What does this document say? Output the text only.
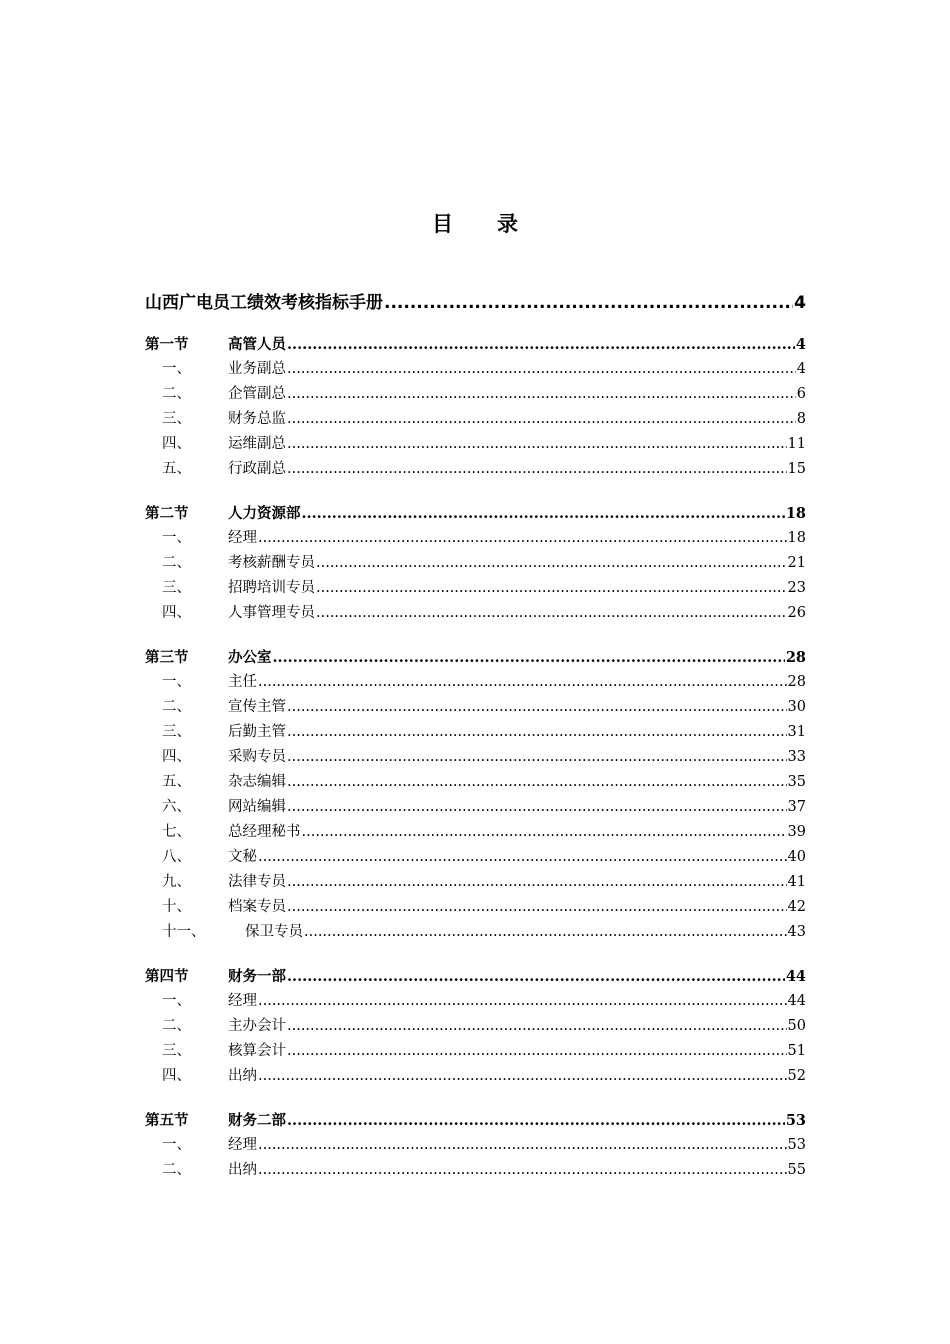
目 录
山西广电员工绩效考核指标手册 .....	4
第一节	高管人员 .....	4
一、	业务副总 .....	4
二、	企管副总 .....	6
三、	财务总监 .....	8
四、	运维副总 .....	11
五、	行政副总 .....	15
第二节	人力资源部 .....	18
一、	经理 .....	18
二、	考核薪酬专员 .....	21
三、	招聘培训专员 .....	23
四、	人事管理专员 .....	26
第三节	办公室 .....	28
一、	主任 .....	28
二、	宣传主管 .....	30
三、	后勤主管 .....	31
四、	采购专员 .....	33
五、	杂志编辑 .....	35
六、	网站编辑 .....	37
七、	总经理秘书 .....	39
八、	文秘 .....	40
九、	法律专员 .....	41
十、	档案专员 .....	42
十一、	保卫专员 .....	43
第四节	财务一部 .....	44
一、	经理 .....	44
二、	主办会计 .....	50
三、	核算会计 .....	51
四、	出纳 .....	52
第五节	财务二部 .....	53
一、	经理 .....	53
二、	出纳 .....	55
